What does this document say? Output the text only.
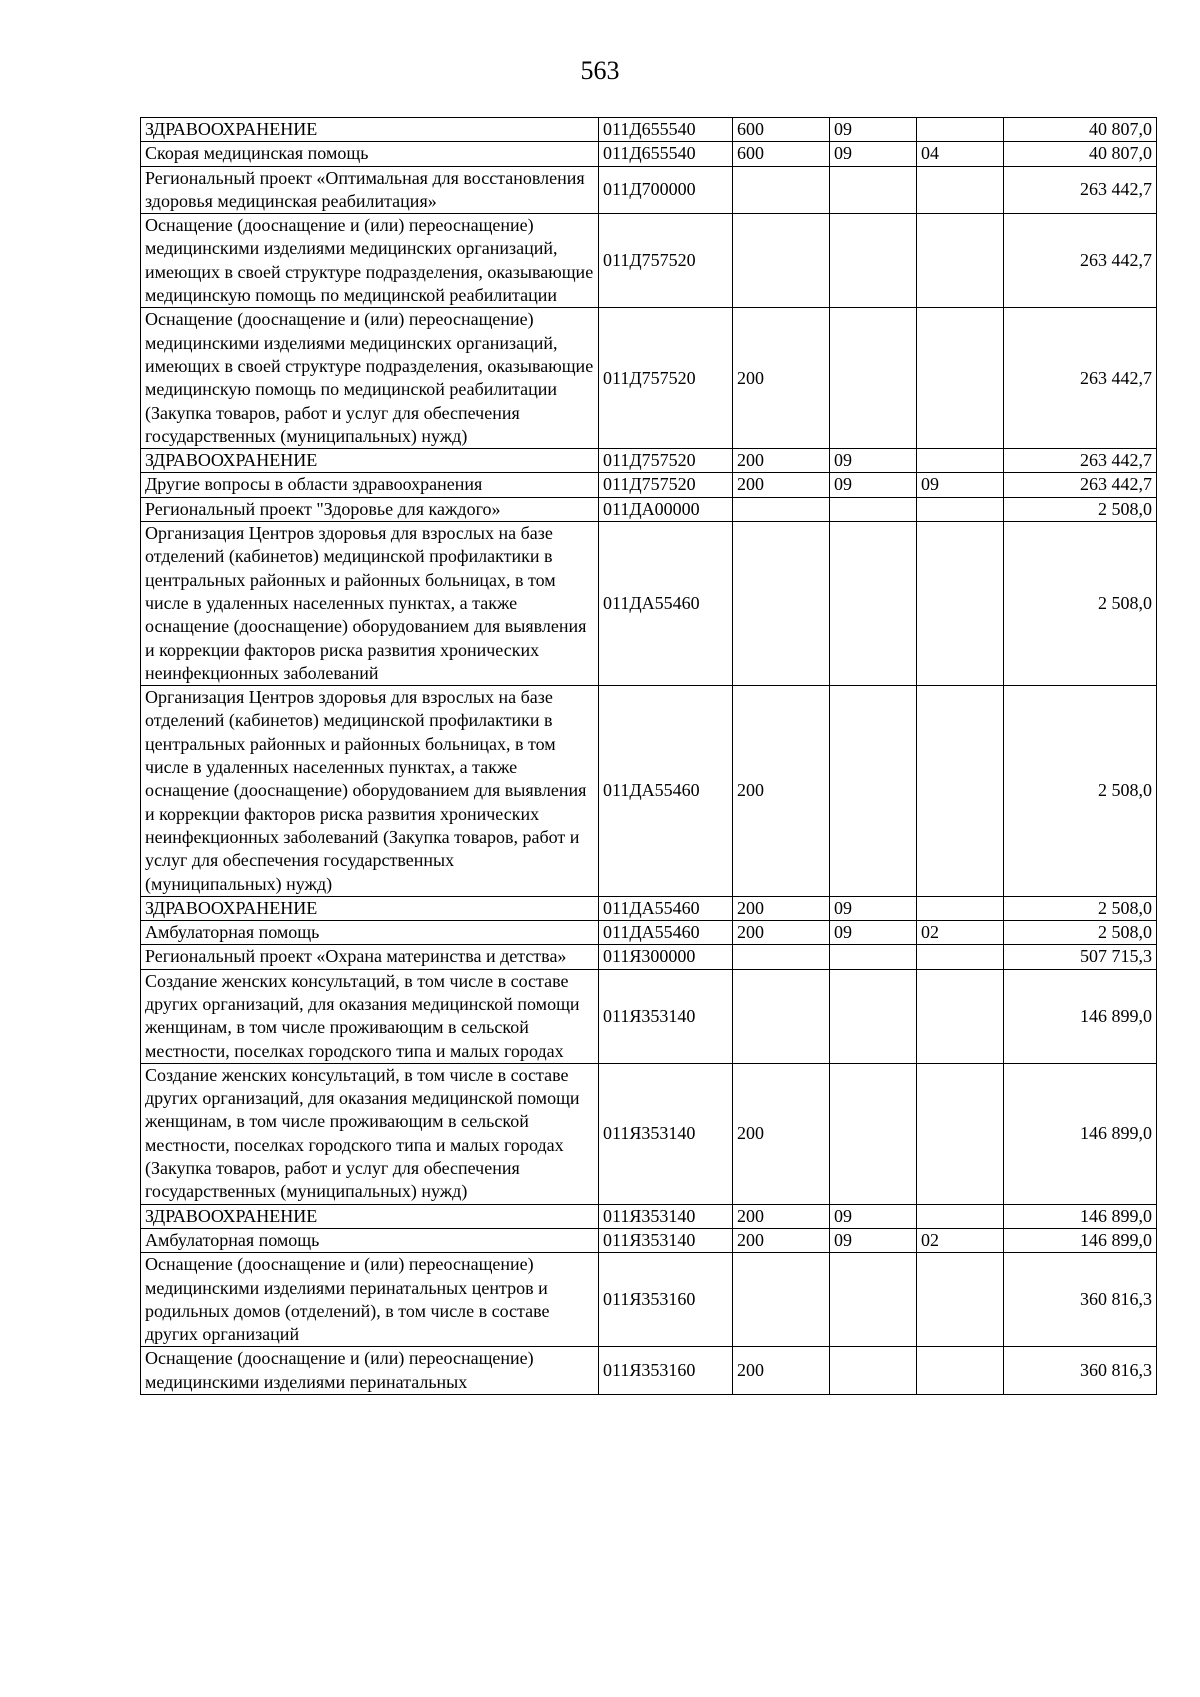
563
ЗДРАВООХРАНЕНИЕ	011Д655540	600	09		40 807,0
Скорая медицинская помощь	011Д655540	600	09	04	40 807,0
Региональный проект «Оптимальная для восстановления здоровья медицинская реабилитация»	011Д700000				263 442,7
Оснащение (дооснащение и (или) переоснащение) медицинскими изделиями медицинских организаций, имеющих в своей структуре подразделения, оказывающие медицинскую помощь по медицинской реабилитации	011Д757520				263 442,7
Оснащение (дооснащение и (или) переоснащение) медицинскими изделиями медицинских организаций, имеющих в своей структуре подразделения, оказывающие медицинскую помощь по медицинской реабилитации (Закупка товаров, работ и услуг для обеспечения государственных (муниципальных) нужд)	011Д757520	200			263 442,7
ЗДРАВООХРАНЕНИЕ	011Д757520	200	09		263 442,7
Другие вопросы в области здравоохранения	011Д757520	200	09	09	263 442,7
Региональный проект "Здоровье для каждого»	011ДА00000				2 508,0
Организация Центров здоровья для взрослых на базе отделений (кабинетов) медицинской профилактики в центральных районных и районных больницах, в том числе в удаленных населенных пунктах, а также оснащение (дооснащение) оборудованием для выявления и коррекции факторов риска развития хронических неинфекционных заболеваний	011ДА55460				2 508,0
Организация Центров здоровья для взрослых на базе отделений (кабинетов) медицинской профилактики в центральных районных и районных больницах, в том числе в удаленных населенных пунктах, а также оснащение (дооснащение) оборудованием для выявления и коррекции факторов риска развития хронических неинфекционных заболеваний (Закупка товаров, работ и услуг для обеспечения государственных (муниципальных) нужд)	011ДА55460	200			2 508,0
ЗДРАВООХРАНЕНИЕ	011ДА55460	200	09		2 508,0
Амбулаторная помощь	011ДА55460	200	09	02	2 508,0
Региональный проект «Охрана материнства и детства»	011Я300000				507 715,3
Создание женских консультаций, в том числе в составе других организаций, для оказания медицинской помощи женщинам, в том числе проживающим в сельской местности, поселках городского типа и малых городах	011Я353140				146 899,0
Создание женских консультаций, в том числе в составе других организаций, для оказания медицинской помощи женщинам, в том числе проживающим в сельской местности, поселках городского типа и малых городах (Закупка товаров, работ и услуг для обеспечения государственных (муниципальных) нужд)	011Я353140	200			146 899,0
ЗДРАВООХРАНЕНИЕ	011Я353140	200	09		146 899,0
Амбулаторная помощь	011Я353140	200	09	02	146 899,0
Оснащение (дооснащение и (или) переоснащение) медицинскими изделиями перинатальных центров и родильных домов (отделений), в том числе в составе других организаций	011Я353160				360 816,3
Оснащение (дооснащение и (или) переоснащение) медицинскими изделиями перинатальных	011Я353160	200			360 816,3
